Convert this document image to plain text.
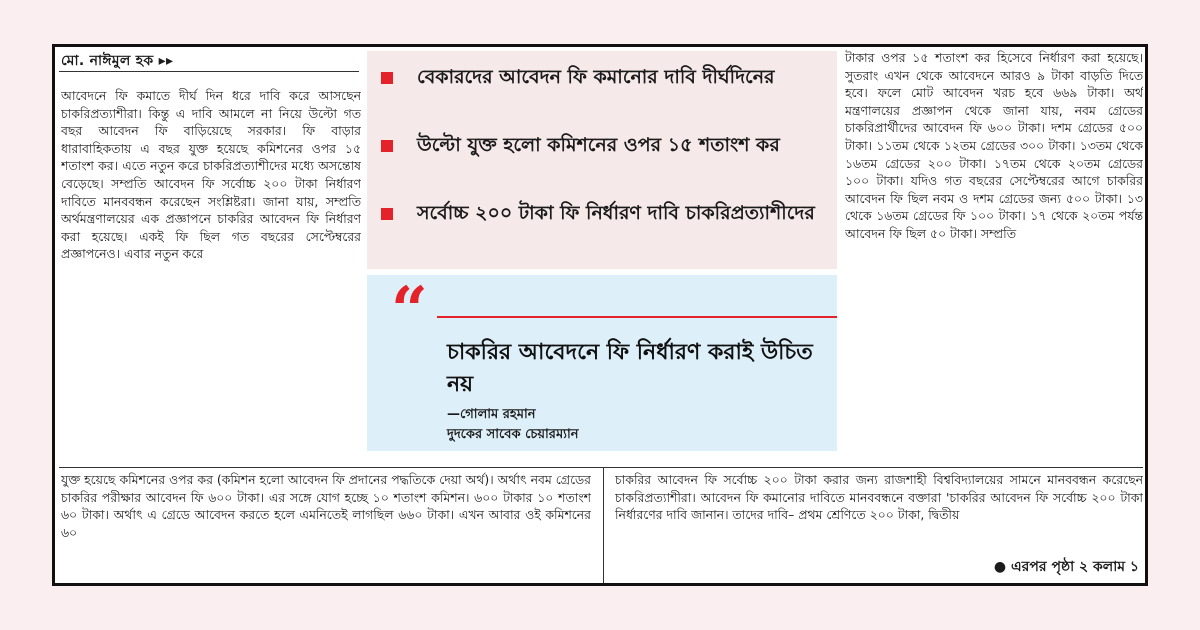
মো. নাঈমুল হক ▸▸

আবেদনে ফি কমাতে দীর্ঘ দিন ধরে দাবি করে আসছেন চাকরিপ্রত্যাশীরা। কিন্তু এ দাবি আমলে না নিয়ে উল্টো গত বছর আবেদন ফি বাড়িয়েছে সরকার। ফি বাড়ার ধারাবাহিকতায় এ বছর যুক্ত হয়েছে কমিশনের ওপর ১৫ শতাংশ কর। এতে নতুন করে চাকরিপ্রত্যাশীদের মধ্যে অসন্তোষ বেড়েছে। সম্প্রতি আবেদন ফি সর্বোচ্চ ২০০ টাকা নির্ধারণ দাবিতে মানববন্ধন করেছেন সংশ্লিষ্টরা। জানা যায়, সম্প্রতি অর্থমন্ত্রণালয়ের এক প্রজ্ঞাপনে চাকরির আবেদন ফি নির্ধারণ করা হয়েছে। একই ফি ছিল গত বছরের সেপ্টেম্বরের প্রজ্ঞাপনেও। এবার নতুন করে

বেকারদের আবেদন ফি কমানোর দাবি দীর্ঘদিনের
উল্টো যুক্ত হলো কমিশনের ওপর ১৫ শতাংশ কর
সর্বোচ্চ ২০০ টাকা ফি নির্ধারণ দাবি চাকরিপ্রত্যাশীদের
“
চাকরির আবেদনে ফি নির্ধারণ করাই উচিত নয়
—গোলাম রহমান
দুদকের সাবেক চেয়ারম্যান

টাকার ওপর ১৫ শতাংশ কর হিসেবে নির্ধারণ করা হয়েছে। সুতরাং এখন থেকে আবেদনে আরও ৯ টাকা বাড়তি দিতে হবে। ফলে মোট আবেদন খরচ হবে ৬৬৯ টাকা। অর্থ মন্ত্রণালয়ের প্রজ্ঞাপন থেকে জানা যায়, নবম গ্রেডের চাকরিপ্রার্থীদের আবেদন ফি ৬০০ টাকা। দশম গ্রেডের ৫০০ টাকা। ১১তম থেকে ১২তম গ্রেডের ৩০০ টাকা। ১৩তম থেকে ১৬তম গ্রেডের ২০০ টাকা। ১৭তম থেকে ২০তম গ্রেডের ১০০ টাকা। যদিও গত বছরের সেপ্টেম্বরের আগে চাকরির আবেদন ফি ছিল নবম ও দশম গ্রেডের জন্য ৫০০ টাকা। ১৩ থেকে ১৬তম গ্রেডের ফি ১০০ টাকা। ১৭ থেকে ২০তম পর্যন্ত আবেদন ফি ছিল ৫০ টাকা। সম্প্রতি

যুক্ত হয়েছে কমিশনের ওপর কর (কমিশন হলো আবেদন ফি প্রদানের পদ্ধতিকে দেয়া অর্থ)। অর্থাৎ নবম গ্রেডের চাকরির পরীক্ষার আবেদন ফি ৬০০ টাকা। এর সঙ্গে যোগ হচ্ছে ১০ শতাংশ কমিশন। ৬০০ টাকার ১০ শতাংশ ৬০ টাকা। অর্থাৎ এ গ্রেডে আবেদন করতে হলে এমনিতেই লাগছিল ৬৬০ টাকা। এখন আবার ওই কমিশনের ৬০

চাকরির আবেদন ফি সর্বোচ্চ ২০০ টাকা করার জন্য রাজশাহী বিশ্ববিদ্যালয়ের সামনে মানববন্ধন করেছেন চাকরিপ্রত্যাশীরা। আবেদন ফি কমানোর দাবিতে মানববন্ধনে বক্তারা 'চাকরির আবেদন ফি সর্বোচ্চ ২০০ টাকা নির্ধারণের দাবি জানান। তাদের দাবি– প্রথম শ্রেণিতে ২০০ টাকা, দ্বিতীয়

● এরপর পৃষ্ঠা ২ কলাম ১
